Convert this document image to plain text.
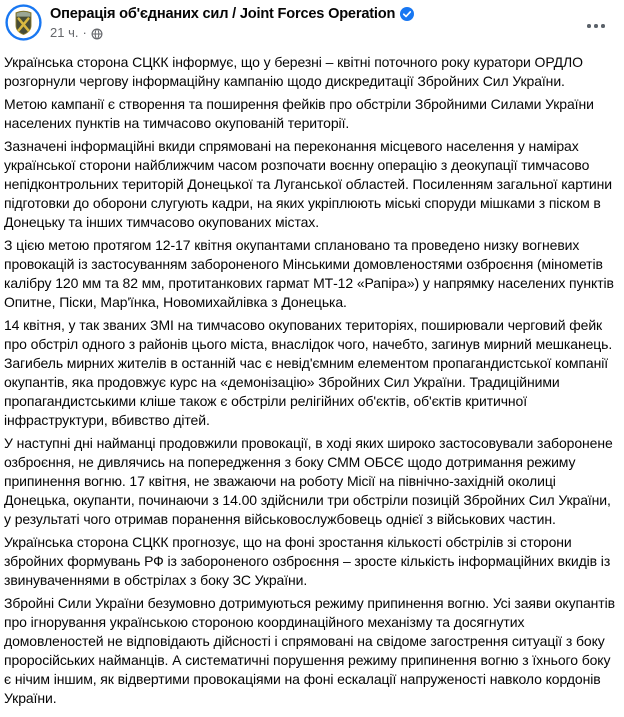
Операція об'єднаних сил / Joint Forces Operation
21 ч. ·

Українська сторона СЦКК інформує, що у березні – квітні поточного року куратори ОРДЛО розгорнули чергову інформаційну кампанію щодо дискредитації Збройних Сил України.

Метою кампанії є створення та поширення фейків про обстріли Збройними Силами України населених пунктів на тимчасово окупованій території.

Зазначені інформаційні вкиди спрямовані на переконання місцевого населення у намірах української сторони найближчим часом розпочати воєнну операцію з деокупації тимчасово непідконтрольних територій Донецької та Луганської областей. Посиленням загальної картини підготовки до оборони слугують кадри, на яких укріплюють міські споруди мішками з піском в Донецьку та інших тимчасово окупованих містах.

З цією метою протягом 12-17 квітня окупантами сплановано та проведено низку вогневих провокацій із застосуванням забороненого Мінськими домовленостями озброєння (мінометів калібру 120 мм та 82 мм, протитанкових гармат МТ-12 «Рапіра») у напрямку населених пунктів Опитне, Піски, Мар'їнка, Новомихайлівка з Донецька.

14 квітня, у так званих ЗМІ на тимчасово окупованих територіях, поширювали черговий фейк про обстріл одного з районів цього міста, внаслідок чого, начебто, загинув мирний мешканець. Загибель мирних жителів в останній час є невід'ємним елементом пропагандистської компанії окупантів, яка продовжує курс на «демонізацію» Збройних Сил України. Традиційними пропагандистськими кліше також є обстріли релігійних об'єктів, об'єктів критичної інфраструктури, вбивство дітей.

У наступні дні найманці продовжили провокації, в ході яких широко застосовували заборонене озброєння, не дивлячись на попередження з боку СММ ОБСЄ щодо дотримання режиму припинення вогню. 17 квітня, не зважаючи на роботу Місії на північно-західній околиці Донецька, окупанти, починаючи з 14.00 здійснили три обстріли позицій Збройних Сил України, у результаті чого отримав поранення військовослужбовець однієї з військових частин.

Українська сторона СЦКК прогнозує, що на фоні зростання кількості обстрілів зі сторони збройних формувань РФ із забороненого озброєння – зросте кількість інформаційних вкидів із звинуваченнями в обстрілах з боку ЗС України.

Збройні Сили України безумовно дотримуються режиму припинення вогню. Усі заяви окупантів про ігнорування українською стороною координаційного механізму та досягнутих домовленостей не відповідають дійсності і спрямовані на свідоме загострення ситуації з боку проросійських найманців. А систематичні порушення режиму припинення вогню з їхнього боку є нічим іншим, як відвертими провокаціями на фоні ескалації напруженості навколо кордонів України.
